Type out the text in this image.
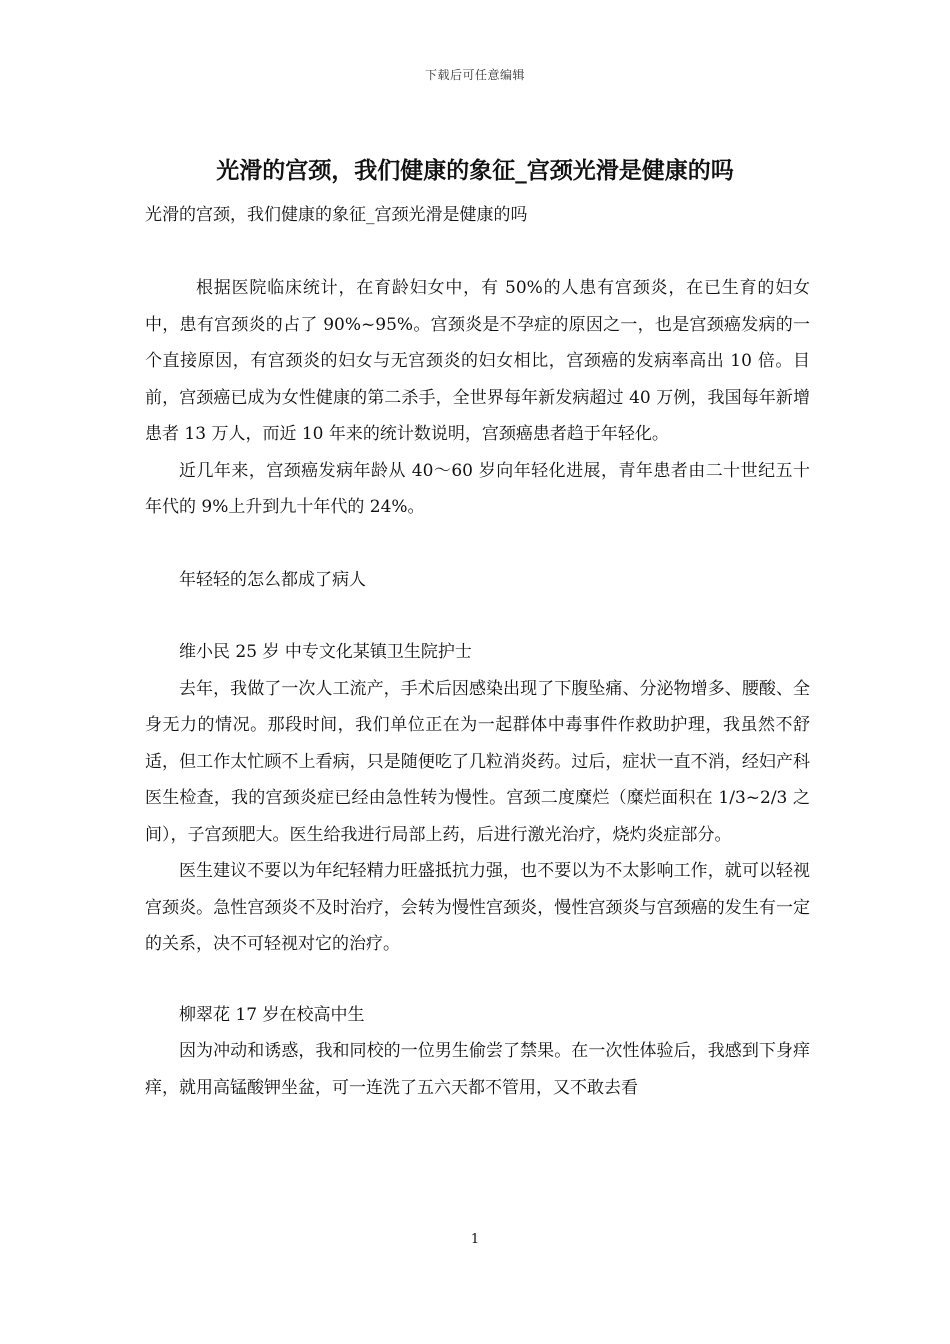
下载后可任意编辑
光滑的宫颈，我们健康的象征_宫颈光滑是健康的吗

光滑的宫颈，我们健康的象征_宫颈光滑是健康的吗

根据医院临床统计，在育龄妇女中，有 50%的人患有宫颈炎，在已生育的妇女中，患有宫颈炎的占了 90%~95%。宫颈炎是不孕症的原因之一，也是宫颈癌发病的一个直接原因，有宫颈炎的妇女与无宫颈炎的妇女相比，宫颈癌的发病率高出 10 倍。目前，宫颈癌已成为女性健康的第二杀手，全世界每年新发病超过 40 万例，我国每年新增患者 13 万人，而近 10 年来的统计数说明，宫颈癌患者趋于年轻化。

近几年来，宫颈癌发病年龄从 40～60 岁向年轻化进展，青年患者由二十世纪五十年代的 9%上升到九十年代的 24%。

年轻轻的怎么都成了病人

维小民 25 岁 中专文化某镇卫生院护士

去年，我做了一次人工流产，手术后因感染出现了下腹坠痛、分泌物增多、腰酸、全身无力的情况。那段时间，我们单位正在为一起群体中毒事件作救助护理，我虽然不舒适，但工作太忙顾不上看病，只是随便吃了几粒消炎药。过后，症状一直不消，经妇产科医生检查，我的宫颈炎症已经由急性转为慢性。宫颈二度糜烂（糜烂面积在 1/3~2/3 之间），子宫颈肥大。医生给我进行局部上药，后进行激光治疗，烧灼炎症部分。

医生建议不要以为年纪轻精力旺盛抵抗力强，也不要以为不太影响工作，就可以轻视宫颈炎。急性宫颈炎不及时治疗，会转为慢性宫颈炎，慢性宫颈炎与宫颈癌的发生有一定的关系，决不可轻视对它的治疗。

柳翠花 17 岁在校高中生

因为冲动和诱惑，我和同校的一位男生偷尝了禁果。在一次性体验后，我感到下身痒痒，就用高锰酸钾坐盆，可一连洗了五六天都不管用，又不敢去看

1
